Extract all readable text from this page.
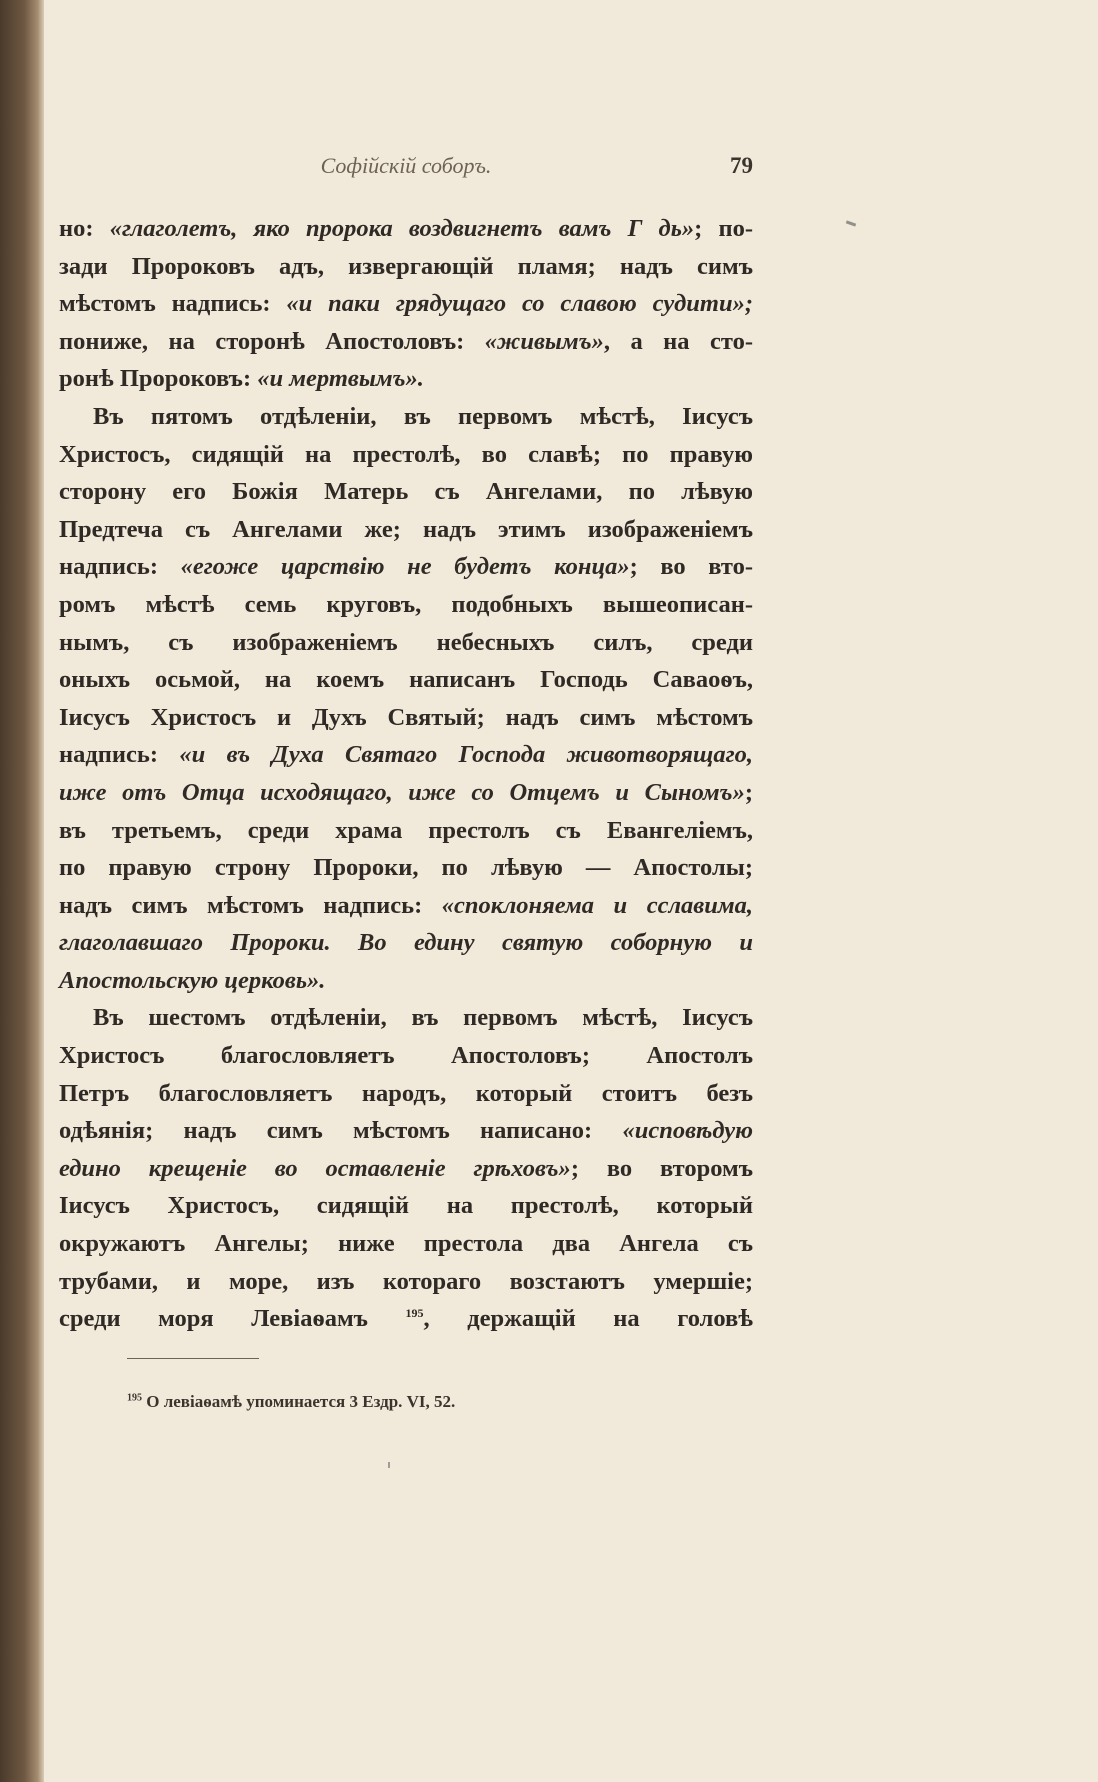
Софійскій соборъ.	79
но: «глаголетъ, яко пророка воздвигнетъ вамъ Г дь»; по-
зади Пророковъ адъ, извергающій пламя; надъ симъ
мѣстомъ надпись: «и паки грядущаго со славою судити»;
пониже, на сторонѣ Апостоловъ: «живымъ», а на сто-
ронѣ Пророковъ: «и мертвымъ».
Въ пятомъ отдѣленіи, въ первомъ мѣстѣ, Іисусъ
Христосъ, сидящій на престолѣ, во славѣ; по правую
сторону его Божія Матерь съ Ангелами, по лѣвую
Предтеча съ Ангелами же; надъ этимъ изображеніемъ
надпись: «егоже царствію не будетъ конца»; во вто-
ромъ мѣстѣ семь круговъ, подобныхъ вышеописан-
нымъ, съ изображеніемъ небесныхъ силъ, среди
оныхъ осьмой, на коемъ написанъ Господь Саваоѳъ,
Іисусъ Христосъ и Духъ Святый; надъ симъ мѣстомъ
надпись: «и въ Духа Святаго Господа животворящаго,
иже отъ Отца исходящаго, иже со Отцемъ и Сыномъ»;
въ третьемъ, среди храма престолъ съ Евангеліемъ,
по правую строну Пророки, по лѣвую — Апостолы;
надъ симъ мѣстомъ надпись: «споклоняема и сславима,
глаголавшаго Пророки. Во едину святую соборную и
Апостольскую церковь».
Въ шестомъ отдѣленіи, въ первомъ мѣстѣ, Іисусъ
Христосъ благословляетъ Апостоловъ; Апостолъ
Петръ благословляетъ народъ, который стоитъ безъ
одѣянія; надъ симъ мѣстомъ написано: «исповѣдую
едино крещеніе во оставленіе грѣховъ»; во второмъ
Іисусъ Христосъ, сидящій на престолѣ, который
окружаютъ Ангелы; ниже престола два Ангела съ
трубами, и море, изъ котораго возстаютъ умершіе;
среди моря Левіаѳамъ $^{195}$, держащій на головѣ
$^{195}$ О левіаѳамѣ упоминается 3 Ездр. VI, 52.
